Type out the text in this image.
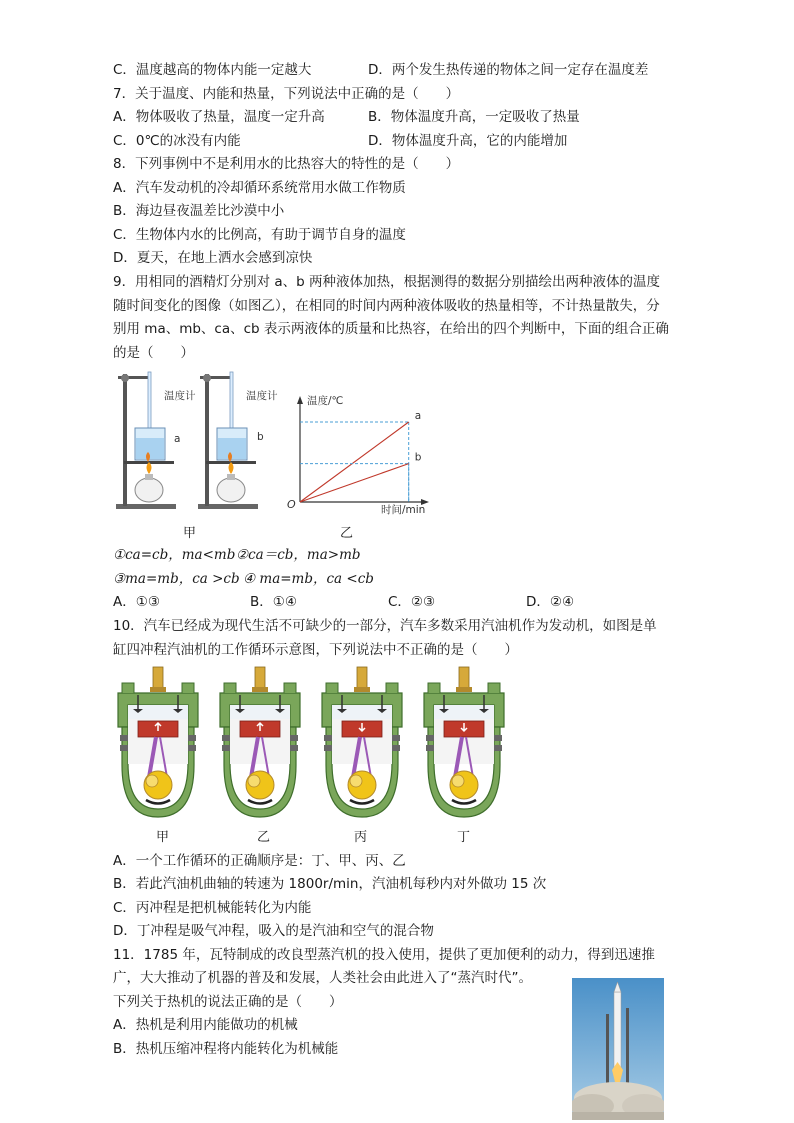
C．温度越高的物体内能一定越大	D．两个发生热传递的物体之间一定存在温度差
7．关于温度、内能和热量，下列说法中正确的是（　　）
A．物体吸收了热量，温度一定升高	B．物体温度升高，一定吸收了热量
C．0℃的冰没有内能	D．物体温度升高，它的内能增加
8．下列事例中不是利用水的比热容大的特性的是（　　）
A．汽车发动机的冷却循环系统常用水做工作物质
B．海边昼夜温差比沙漠中小
C．生物体内水的比例高，有助于调节自身的温度
D．夏天，在地上洒水会感到凉快
9．用相同的酒精灯分别对 a、b 两种液体加热，根据测得的数据分别描绘出两种液体的温度
随时间变化的图像（如图乙），在相同的时间内两种液体吸收的热量相等，不计热量散失，分
别用 ma、mb、ca、cb 表示两液体的质量和比热容，在给出的四个判断中，下面的组合正确
的是（　　）
温度计	温度计
a	b
甲
a
b
温度/℃
时间/min
O
乙
①ca=cb，ma<mb ②ca＝cb，ma>mb
③ma=mb，ca >cb ④ ma=mb，ca <cb
A．①③	B．①④	C．②③	D．②④
10．汽车已经成为现代生活不可缺少的一部分，汽车多数采用汽油机作为发动机，如图是单
缸四冲程汽油机的工作循环示意图，下列说法中不正确的是（　　）
甲	乙	丙	丁
A．一个工作循环的正确顺序是：丁、甲、丙、乙
B．若此汽油机曲轴的转速为 1800r/min，汽油机每秒内对外做功 15 次
C．丙冲程是把机械能转化为内能
D．丁冲程是吸气冲程，吸入的是汽油和空气的混合物
11．1785 年，瓦特制成的改良型蒸汽机的投入使用，提供了更加便利的动力，得到迅速推
广，大大推动了机器的普及和发展，人类社会由此进入了“蒸汽时代”。
下列关于热机的说法正确的是（　　）
A．热机是利用内能做功的机械
B．热机压缩冲程将内能转化为机械能
